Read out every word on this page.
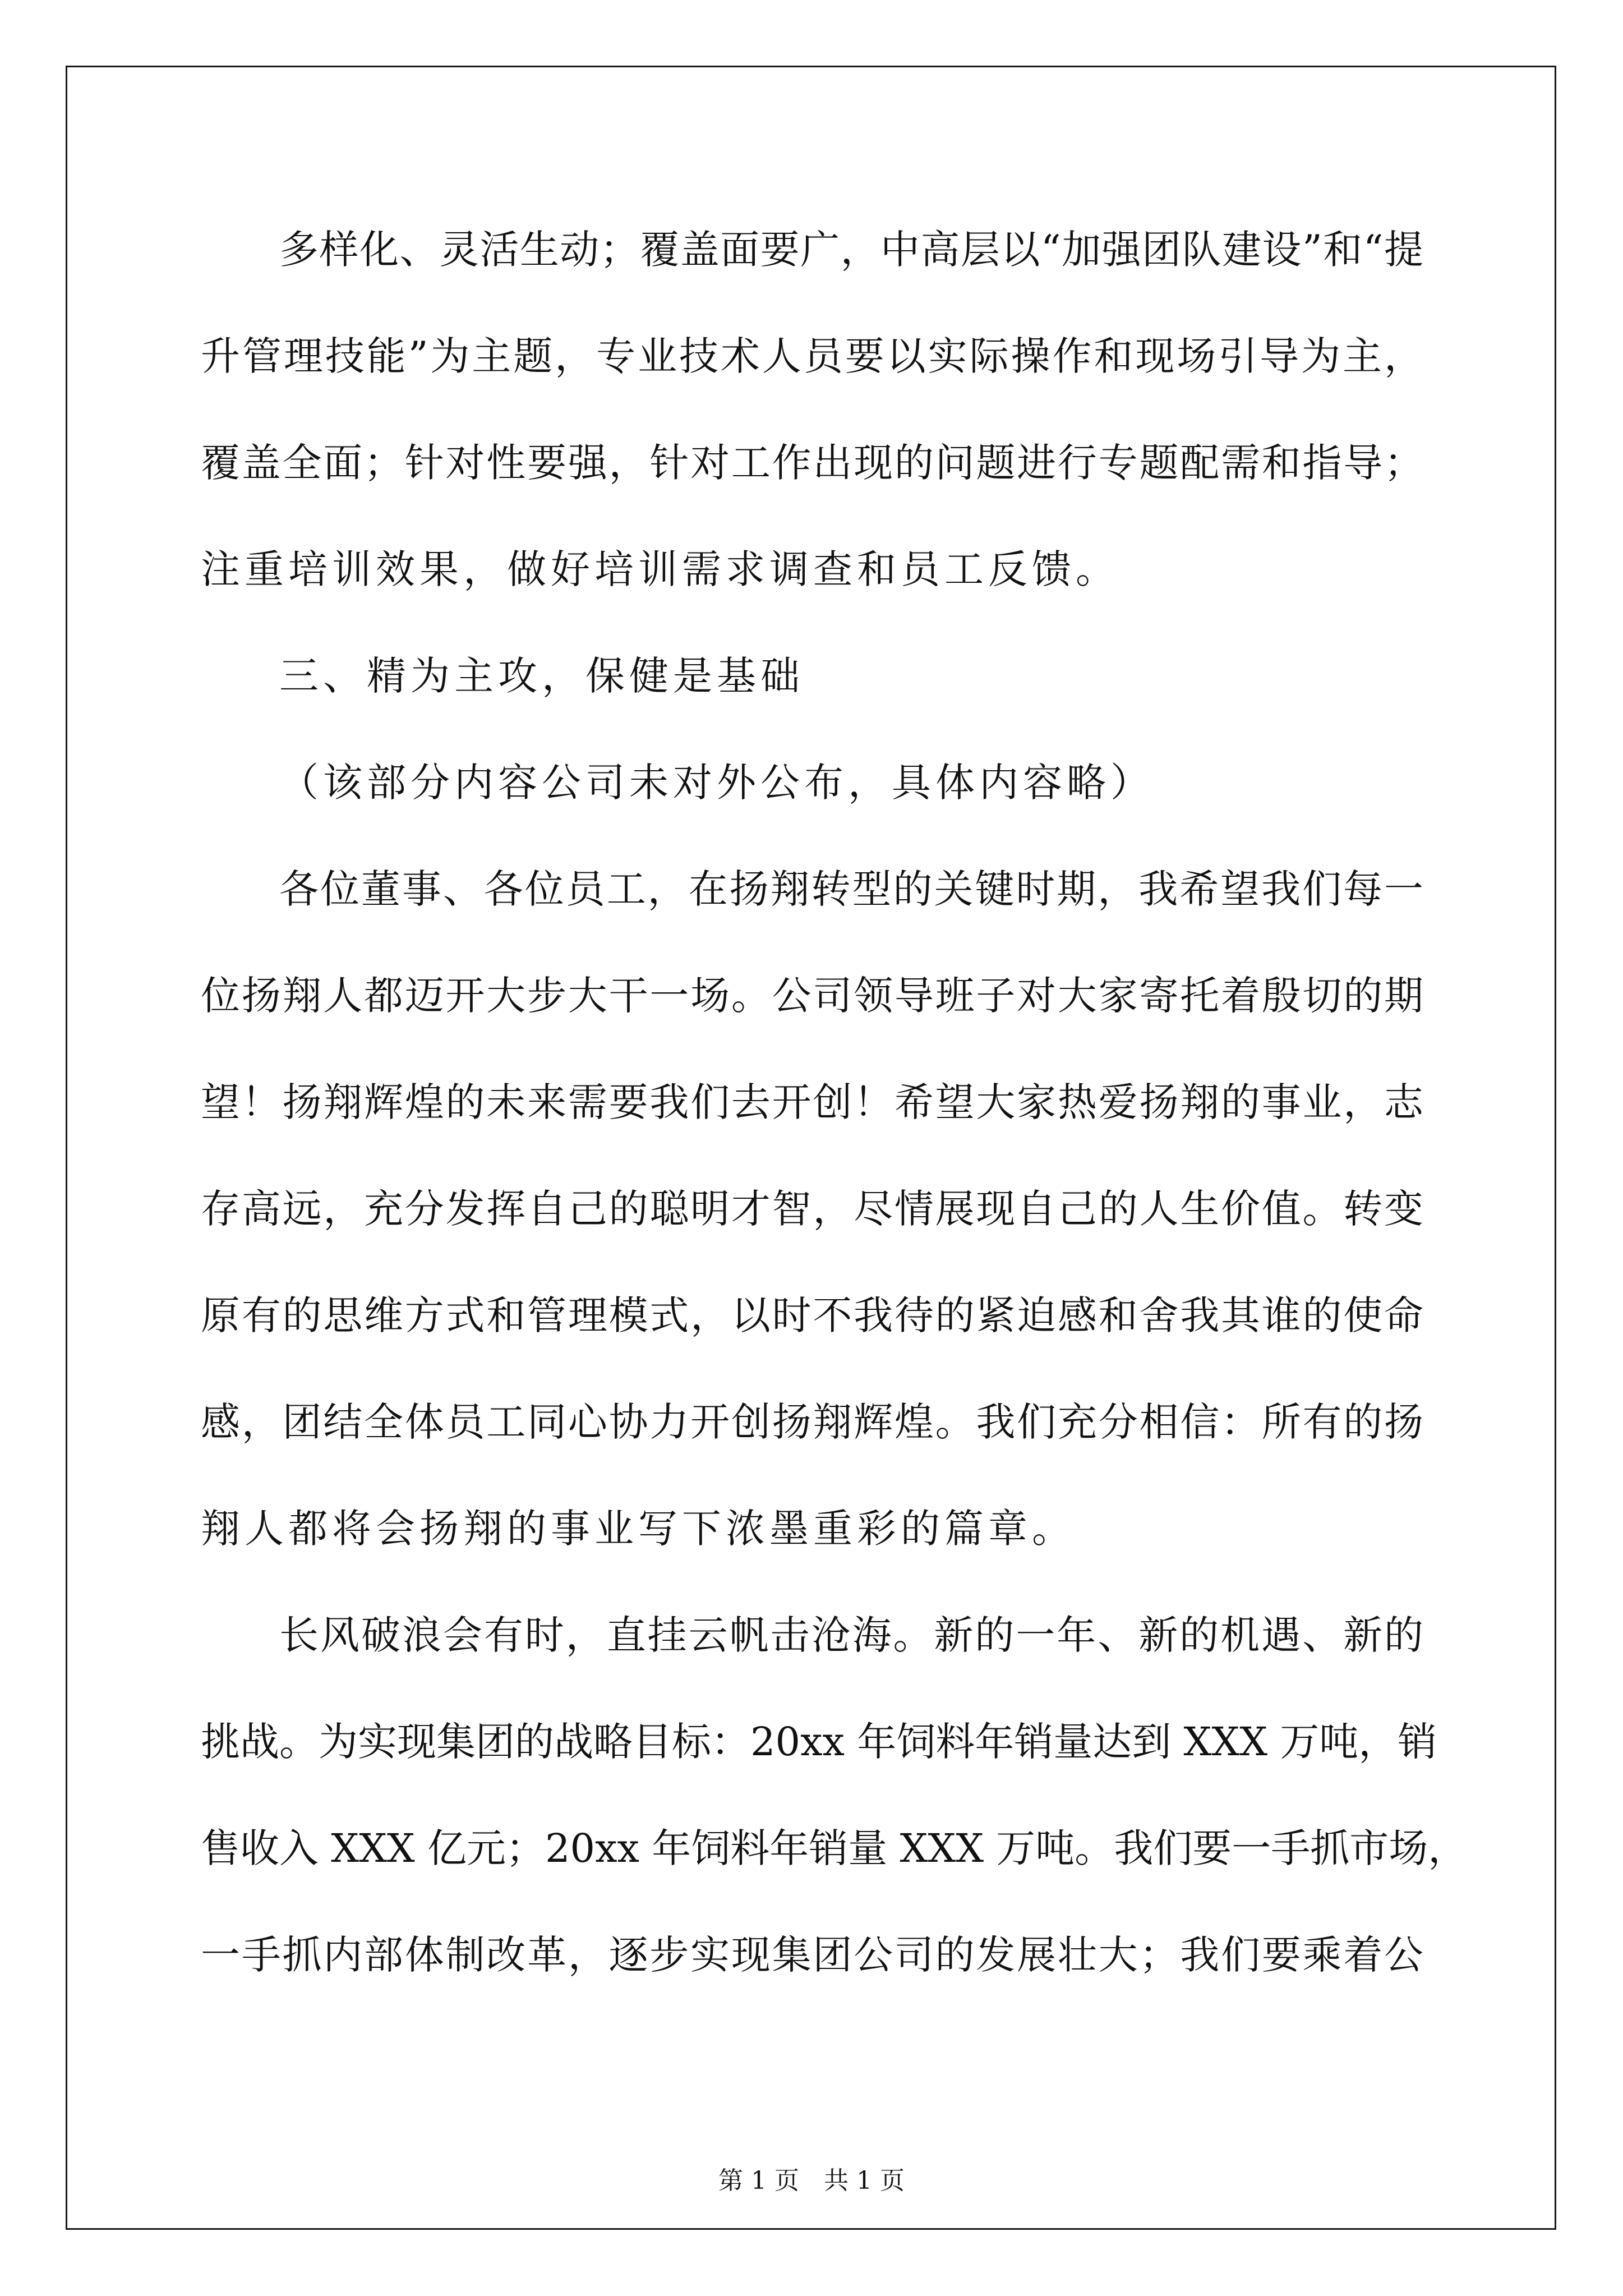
多样化、灵活生动；覆盖面要广，中高层以“加强团队建设”和“提
升管理技能”为主题，专业技术人员要以实际操作和现场引导为主，
覆盖全面；针对性要强，针对工作出现的问题进行专题配需和指导；
注重培训效果，做好培训需求调查和员工反馈。
三、精为主攻，保健是基础
（该部分内容公司未对外公布，具体内容略）
各位董事、各位员工，在扬翔转型的关键时期，我希望我们每一
位扬翔人都迈开大步大干一场。公司领导班子对大家寄托着殷切的期
望！扬翔辉煌的未来需要我们去开创！希望大家热爱扬翔的事业，志
存高远，充分发挥自己的聪明才智，尽情展现自己的人生价值。转变
原有的思维方式和管理模式，以时不我待的紧迫感和舍我其谁的使命
感，团结全体员工同心协力开创扬翔辉煌。我们充分相信：所有的扬
翔人都将会扬翔的事业写下浓墨重彩的篇章。
长风破浪会有时，直挂云帆击沧海。新的一年、新的机遇、新的
挑战。为实现集团的战略目标：20xx 年饲料年销量达到 XXX 万吨，销
售收入 XXX 亿元；20xx 年饲料年销量 XXX 万吨。我们要一手抓市场，
一手抓内部体制改革，逐步实现集团公司的发展壮大；我们要乘着公
第 1 页　共 1 页
